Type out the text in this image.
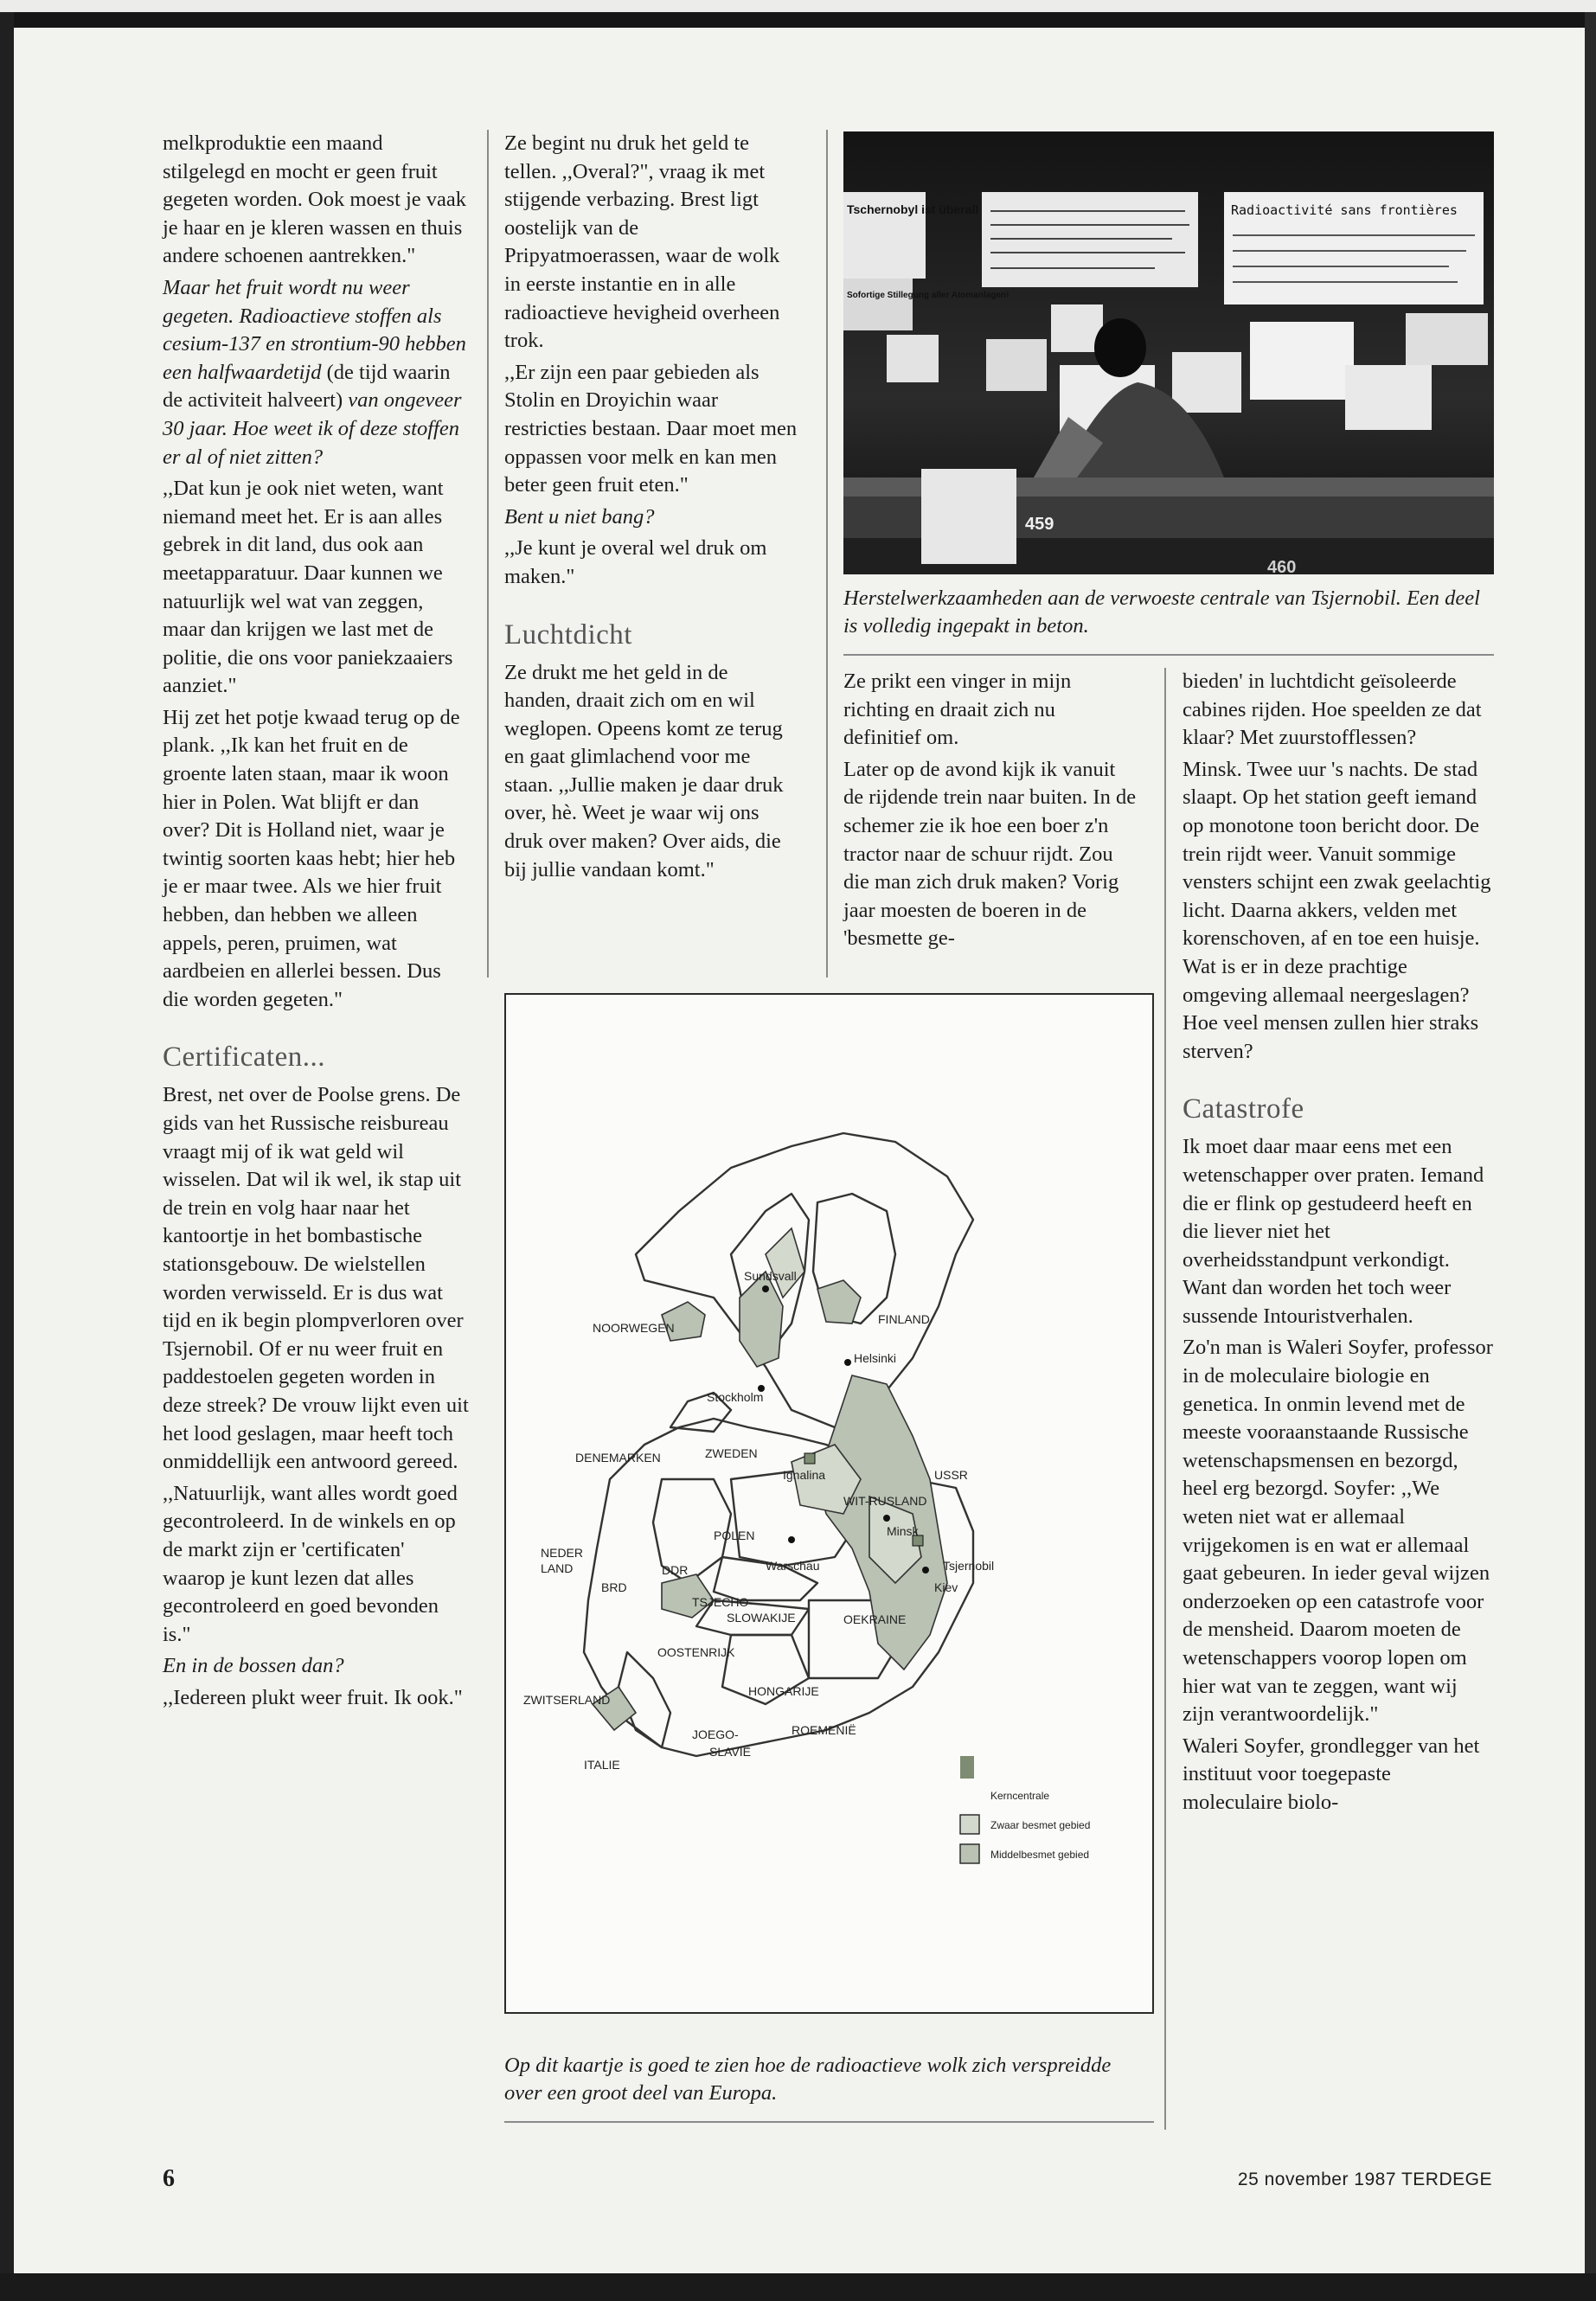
melkproduktie een maand stilgelegd en mocht er geen fruit gegeten worden. Ook moest je vaak je haar en je kleren wassen en thuis andere schoenen aantrekken."

Maar het fruit wordt nu weer gegeten. Radioactieve stoffen als cesium-137 en strontium-90 hebben een halfwaardetijd (de tijd waarin de activiteit halveert) van ongeveer 30 jaar. Hoe weet ik of deze stoffen er al of niet zitten?

,,Dat kun je ook niet weten, want niemand meet het. Er is aan alles gebrek in dit land, dus ook aan meetapparatuur. Daar kunnen we natuurlijk wel wat van zeggen, maar dan krijgen we last met de politie, die ons voor paniekzaaiers aanziet."

Hij zet het potje kwaad terug op de plank. ,,Ik kan het fruit en de groente laten staan, maar ik woon hier in Polen. Wat blijft er dan over? Dit is Holland niet, waar je twintig soorten kaas hebt; hier heb je er maar twee. Als we hier fruit hebben, dan hebben we alleen appels, peren, pruimen, wat aardbeien en allerlei bessen. Dus die worden gegeten."

Certificaten...

Brest, net over de Poolse grens. De gids van het Russische reisbureau vraagt mij of ik wat geld wil wisselen. Dat wil ik wel, ik stap uit de trein en volg haar naar het kantoortje in het bombastische stationsgebouw. De wielstellen worden verwisseld. Er is dus wat tijd en ik begin plompverloren over Tsjernobil. Of er nu weer fruit en paddestoelen gegeten worden in deze streek? De vrouw lijkt even uit het lood geslagen, maar heeft toch onmiddellijk een antwoord gereed.

,,Natuurlijk, want alles wordt goed gecontroleerd. In de winkels en op de markt zijn er 'certificaten' waarop je kunt lezen dat alles gecontroleerd en goed bevonden is."

En in de bossen dan?

,,Iedereen plukt weer fruit. Ik ook."

Ze begint nu druk het geld te tellen. ,,Overal?", vraag ik met stijgende verbazing. Brest ligt oostelijk van de Pripyatmoerassen, waar de wolk in eerste instantie en in alle radioactieve hevigheid overheen trok.

,,Er zijn een paar gebieden als Stolin en Droyichin waar restricties bestaan. Daar moet men oppassen voor melk en kan men beter geen fruit eten."

Bent u niet bang?

,,Je kunt je overal wel druk om maken."

Luchtdicht

Ze drukt me het geld in de handen, draait zich om en wil weglopen. Opeens komt ze terug en gaat glimlachend voor me staan. ,,Jullie maken je daar druk over, hè. Weet je waar wij ons druk over maken? Over aids, die bij jullie vandaan komt."

Tschernobyl ist überall
Sofortige Stillegung aller Atomanlagen!
Radioactivité sans frontières
459
460
Herstelwerkzaamheden aan de verwoeste centrale van Tsjernobil. Een deel is volledig ingepakt in beton.

Ze prikt een vinger in mijn richting en draait zich nu definitief om.

Later op de avond kijk ik vanuit de rijdende trein naar buiten. In de schemer zie ik hoe een boer z'n tractor naar de schuur rijdt. Zou die man zich druk maken? Vorig jaar moesten de boeren in de 'besmette ge-

bieden' in luchtdicht geïsoleerde cabines rijden. Hoe speelden ze dat klaar? Met zuurstofflessen?

Minsk. Twee uur 's nachts. De stad slaapt. Op het station geeft iemand op monotone toon bericht door. De trein rijdt weer. Vanuit sommige vensters schijnt een zwak geelachtig licht. Daarna akkers, velden met korenschoven, af en toe een huisje. Wat is er in deze prachtige omgeving allemaal neergeslagen? Hoe veel mensen zullen hier straks sterven?

Catastrofe

Ik moet daar maar eens met een wetenschapper over praten. Iemand die er flink op gestudeerd heeft en die liever niet het overheidsstandpunt verkondigt. Want dan worden het toch weer sussende Intouristverhalen.

Zo'n man is Waleri Soyfer, professor in de moleculaire biologie en genetica. In onmin levend met de meeste vooraanstaande Russische wetenschapsmensen en bezorgd, heel erg bezorgd. Soyfer: ,,We weten niet wat er allemaal vrijgekomen is en wat er allemaal gaat gebeuren. In ieder geval wijzen onderzoeken op een catastrofe voor de mensheid. Daarom moeten de wetenschappers voorop lopen om hier wat van te zeggen, want wij zijn verantwoordelijk."

Waleri Soyfer, grondlegger van het instituut voor toegepaste moleculaire biolo-

NOORWEGEN
Sundsvall
FINLAND
Stockholm
Helsinki
DENEMARKEN	ZWEDEN
Ignalina	USSR
WIT-RUSLAND
NEDER
LAND
POLEN	Minsk
DDR	Warschau	Tsjernobil
BRD
TSJECHO-
SLOWAKIJE
Kiev
OEKRAINE
OOSTENRIJK
ZWITSERLAND
HONGARIJE
JOEGO-
SLAVIË
ROEMENIË
ITALIE
Kerncentrale
Zwaar besmet gebied
Middelbesmet gebied
Op dit kaartje is goed te zien hoe de radioactieve wolk zich verspreidde over een groot deel van Europa.
6	25 november 1987 TERDEGE
